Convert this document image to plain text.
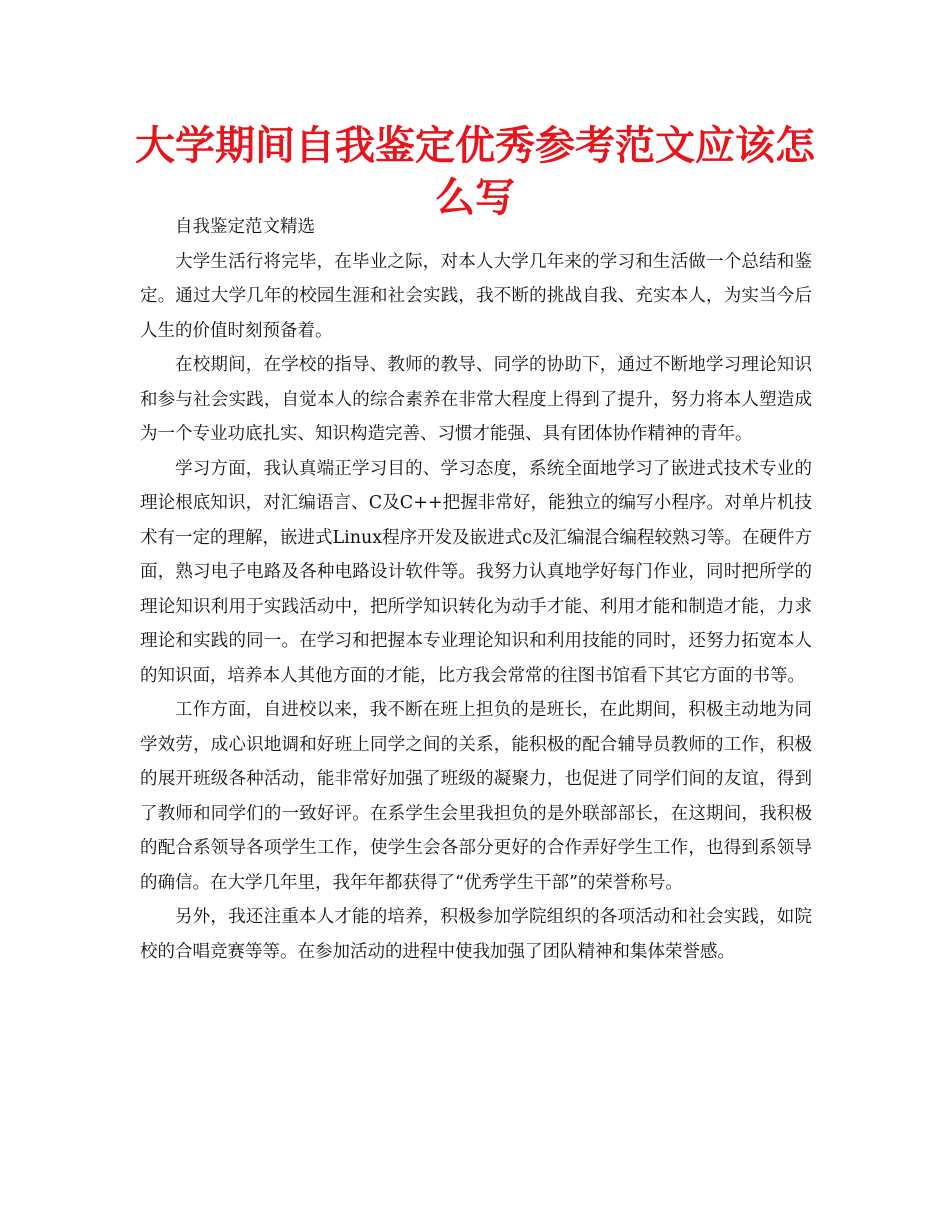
大学期间自我鉴定优秀参考范文应该怎么写

自我鉴定范文精选

大学生活行将完毕，在毕业之际，对本人大学几年来的学习和生活做一个总结和鉴定。通过大学几年的校园生涯和社会实践，我不断的挑战自我、充实本人，为实当今后人生的价值时刻预备着。

在校期间，在学校的指导、教师的教导、同学的协助下，通过不断地学习理论知识和参与社会实践，自觉本人的综合素养在非常大程度上得到了提升，努力将本人塑造成为一个专业功底扎实、知识构造完善、习惯才能强、具有团体协作精神的青年。

学习方面，我认真端正学习目的、学习态度，系统全面地学习了嵌进式技术专业的理论根底知识，对汇编语言、C及C++把握非常好，能独立的编写小程序。对单片机技术有一定的理解，嵌进式Linux程序开发及嵌进式c及汇编混合编程较熟习等。在硬件方面，熟习电子电路及各种电路设计软件等。我努力认真地学好每门作业，同时把所学的理论知识利用于实践活动中，把所学知识转化为动手才能、利用才能和制造才能，力求理论和实践的同一。在学习和把握本专业理论知识和利用技能的同时，还努力拓宽本人的知识面，培养本人其他方面的才能，比方我会常常的往图书馆看下其它方面的书等。

工作方面，自进校以来，我不断在班上担负的是班长，在此期间，积极主动地为同学效劳，成心识地调和好班上同学之间的关系，能积极的配合辅导员教师的工作，积极的展开班级各种活动，能非常好加强了班级的凝聚力，也促进了同学们间的友谊，得到了教师和同学们的一致好评。在系学生会里我担负的是外联部部长，在这期间，我积极的配合系领导各项学生工作，使学生会各部分更好的合作弄好学生工作，也得到系领导的确信。在大学几年里，我年年都获得了“优秀学生干部”的荣誉称号。

另外，我还注重本人才能的培养，积极参加学院组织的各项活动和社会实践，如院校的合唱竞赛等等。在参加活动的进程中使我加强了团队精神和集体荣誉感。
